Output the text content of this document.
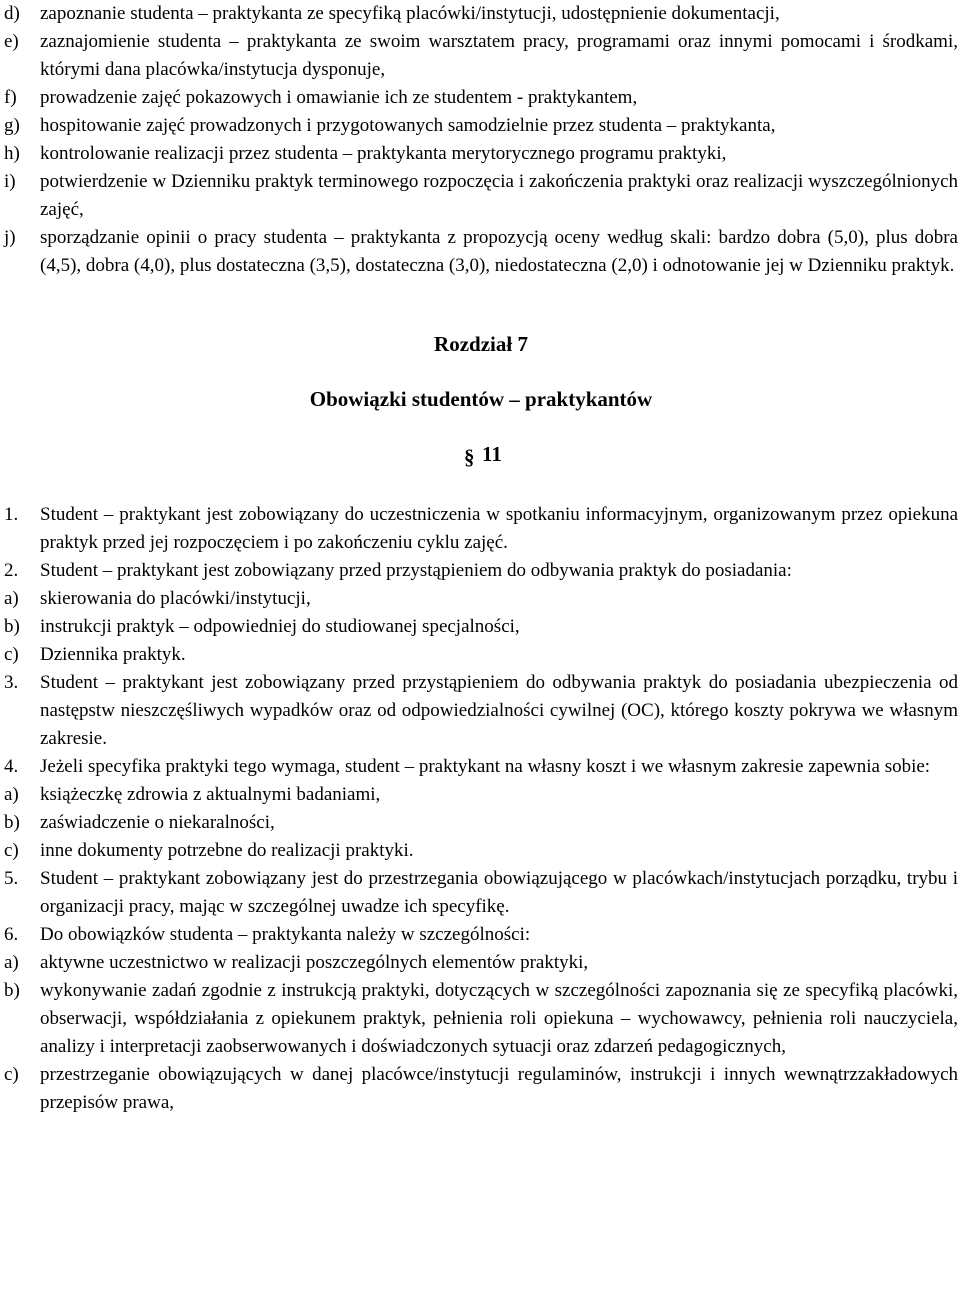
d)	zapoznanie studenta – praktykanta ze specyfiką placówki/instytucji, udostępnienie dokumentacji,
e)	zaznajomienie studenta – praktykanta ze swoim warsztatem pracy, programami oraz innymi pomocami i środkami, którymi dana placówka/instytucja dysponuje,
f)	prowadzenie zajęć pokazowych i omawianie ich ze studentem - praktykantem,
g)	hospitowanie zajęć prowadzonych i przygotowanych samodzielnie przez studenta – praktykanta,
h)	kontrolowanie realizacji przez studenta – praktykanta merytorycznego programu praktyki,
i)	potwierdzenie w Dzienniku praktyk terminowego rozpoczęcia i zakończenia praktyki oraz realizacji wyszczególnionych zajęć,
j)	sporządzanie opinii o pracy studenta – praktykanta z propozycją oceny według skali: bardzo dobra (5,0), plus dobra (4,5), dobra (4,0), plus dostateczna (3,5), dostateczna (3,0), niedostateczna (2,0) i odnotowanie jej w Dzienniku praktyk.
Rozdział 7
Obowiązki studentów – praktykantów
§ 11
1.	Student – praktykant jest zobowiązany do uczestniczenia w spotkaniu informacyjnym, organizowanym przez opiekuna praktyk przed jej rozpoczęciem i po zakończeniu cyklu zajęć.
2.	Student – praktykant jest zobowiązany przed przystąpieniem do odbywania praktyk do posiadania:
a)	skierowania do placówki/instytucji,
b)	instrukcji praktyk – odpowiedniej do studiowanej specjalności,
c)	Dziennika praktyk.
3.	Student – praktykant jest zobowiązany przed przystąpieniem do odbywania praktyk do posiadania ubezpieczenia od następstw nieszczęśliwych wypadków oraz od odpowiedzialności cywilnej (OC), którego koszty pokrywa we własnym zakresie.
4.	Jeżeli specyfika praktyki tego wymaga, student – praktykant na własny koszt i we własnym zakresie zapewnia sobie:
a)	książeczkę zdrowia z aktualnymi badaniami,
b)	zaświadczenie o niekaralności,
c)	inne dokumenty potrzebne do realizacji praktyki.
5.	Student – praktykant zobowiązany jest do przestrzegania obowiązującego w placówkach/instytucjach porządku, trybu i organizacji pracy, mając w szczególnej uwadze ich specyfikę.
6.	Do obowiązków studenta – praktykanta należy w szczególności:
a)	aktywne uczestnictwo w realizacji poszczególnych elementów praktyki,
b)	wykonywanie zadań zgodnie z instrukcją praktyki, dotyczących w szczególności zapoznania się ze specyfiką placówki, obserwacji, współdziałania z opiekunem praktyk, pełnienia roli opiekuna – wychowawcy, pełnienia roli nauczyciela, analizy i interpretacji zaobserwowanych i doświadczonych sytuacji oraz zdarzeń pedagogicznych,
c)	przestrzeganie obowiązujących w danej placówce/instytucji regulaminów, instrukcji i innych wewnątrzzakładowych przepisów prawa,
